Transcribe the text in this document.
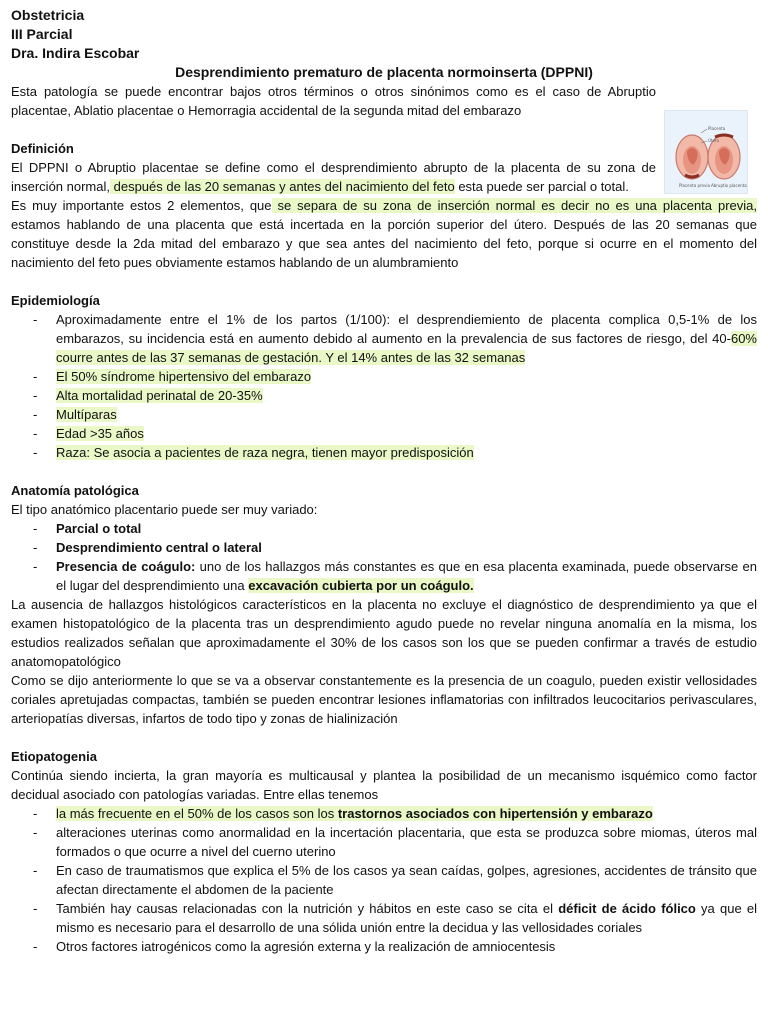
Obstetricia

III Parcial

Dra. Indira Escobar

Desprendimiento prematuro de placenta normoinserta (DPPNI)

Esta patología se puede encontrar bajos otros términos o otros sinónimos como es el caso de Abruptio placentae, Ablatio placentae o Hemorragia accidental de la segunda mitad del embarazo

Definición

El DPPNI o Abruptio placentae se define como el desprendimiento abrupto de la placenta de su zona de inserción normal, después de las 20 semanas y antes del nacimiento del feto esta puede ser parcial o total.

Es muy importante estos 2 elementos, que se separa de su zona de inserción normal es decir no es una placenta previa, estamos hablando de una placenta que está incertada en la porción superior del útero. Después de las 20 semanas que constituye desde la 2da mitad del embarazo y que sea antes del nacimiento del feto, porque si ocurre en el momento del nacimiento del feto pues obviamente estamos hablando de un alumbramiento

Epidemiología

- Aproximadamente entre el 1% de los partos (1/100): el desprendiemiento de placenta complica 0,5-1% de los embarazos, su incidencia está en aumento debido al aumento en la prevalencia de sus factores de riesgo, del 40-60% courre antes de las 37 semanas de gestación. Y el 14% antes de las 32 semanas
- El 50% síndrome hipertensivo del embarazo
- Alta mortalidad perinatal de 20-35%
- Multíparas
- Edad >35 años
- Raza: Se asocia a pacientes de raza negra, tienen mayor predisposición

Anatomía patológica

El tipo anatómico placentario puede ser muy variado:

- Parcial o total
- Desprendimiento central o lateral
- Presencia de coágulo: uno de los hallazgos más constantes es que en esa placenta examinada, puede observarse en el lugar del desprendimiento una excavación cubierta por un coágulo.

La ausencia de hallazgos histológicos característicos en la placenta no excluye el diagnóstico de desprendimiento ya que el examen histopatológico de la placenta tras un desprendimiento agudo puede no revelar ninguna anomalía en la misma, los estudios realizados señalan que aproximadamente el 30% de los casos son los que se pueden confirmar a través de estudio anatomopatológico

Como se dijo anteriormente lo que se va a observar constantemente es la presencia de un coagulo, pueden existir vellosidades coriales apretujadas compactas, también se pueden encontrar lesiones inflamatorias con infiltrados leucocitarios perivasculares, arteriopatías diversas, infartos de todo tipo y zonas de hialinización

Etiopatogenia

Continúa siendo incierta, la gran mayoría es multicausal y plantea la posibilidad de un mecanismo isquémico como factor decidual asociado con patologías variadas. Entre ellas tenemos

- la más frecuente en el 50% de los casos son los trastornos asociados con hipertensión y embarazo
- alteraciones uterinas como anormalidad en la incertación placentaria, que esta se produzca sobre miomas, úteros mal formados o que ocurre a nivel del cuerno uterino
- En caso de traumatismos que explica el 5% de los casos ya sean caídas, golpes, agresiones, accidentes de tránsito que afectan directamente el abdomen de la paciente
- También hay causas relacionadas con la nutrición y hábitos en este caso se cita el déficit de ácido fólico ya que el mismo es necesario para el desarrollo de una sólida unión entre la decidua y las vellosidades coriales
- Otros factores iatrogénicos como la agresión externa y la realización de amniocentesis
Placenta
Útero
Placenta previa Abruptio placentae
